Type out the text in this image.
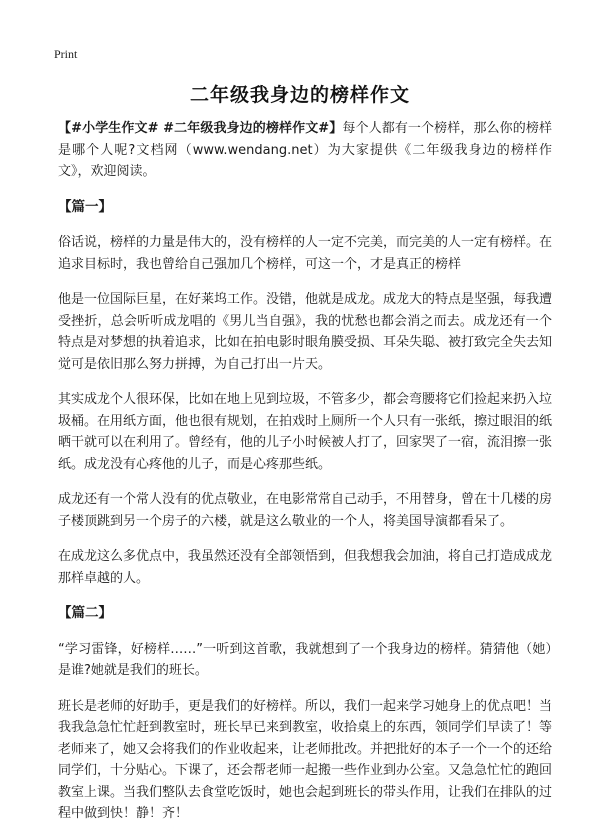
Print
二年级我身边的榜样作文

【#小学生作文# #二年级我身边的榜样作文#】每个人都有一个榜样，那么你的榜样是哪个人呢?文档网（www.wendang.net）为大家提供《二年级我身边的榜样作文》，欢迎阅读。

【篇一】

俗话说，榜样的力量是伟大的，没有榜样的人一定不完美，而完美的人一定有榜样。在追求目标时，我也曾给自己强加几个榜样，可这一个，才是真正的榜样

他是一位国际巨星，在好莱坞工作。没错，他就是成龙。成龙大的特点是坚强，每我遭受挫折，总会听听成龙唱的《男儿当自强》，我的忧愁也都会消之而去。成龙还有一个特点是对梦想的执着追求，比如在拍电影时眼角膜受损、耳朵失聪、被打致完全失去知觉可是依旧那么努力拼搏，为自己打出一片天。

其实成龙个人很环保，比如在地上见到垃圾，不管多少，都会弯腰将它们捡起来扔入垃圾桶。在用纸方面，他也很有规划，在拍戏时上厕所一个人只有一张纸，擦过眼泪的纸晒干就可以在利用了。曾经有，他的儿子小时候被人打了，回家哭了一宿，流泪擦一张纸。成龙没有心疼他的儿子，而是心疼那些纸。

成龙还有一个常人没有的优点敬业，在电影常常自己动手，不用替身，曾在十几楼的房子楼顶跳到另一个房子的六楼，就是这么敬业的一个人，将美国导演都看呆了。

在成龙这么多优点中，我虽然还没有全部领悟到，但我想我会加油，将自己打造成成龙那样卓越的人。

【篇二】

“学习雷锋，好榜样……”一听到这首歌，我就想到了一个我身边的榜样。猜猜他（她）是谁?她就是我们的班长。

班长是老师的好助手，更是我们的好榜样。所以，我们一起来学习她身上的优点吧！当我我急急忙忙赶到教室时，班长早已来到教室，收拾桌上的东西，领同学们早读了！等老师来了，她又会将我们的作业收起来，让老师批改。并把批好的本子一个一个的还给同学们，十分贴心。下课了，还会帮老师一起搬一些作业到办公室。又急急忙忙的跑回教室上课。当我们整队去食堂吃饭时，她也会起到班长的带头作用，让我们在排队的过程中做到快！静！齐！
